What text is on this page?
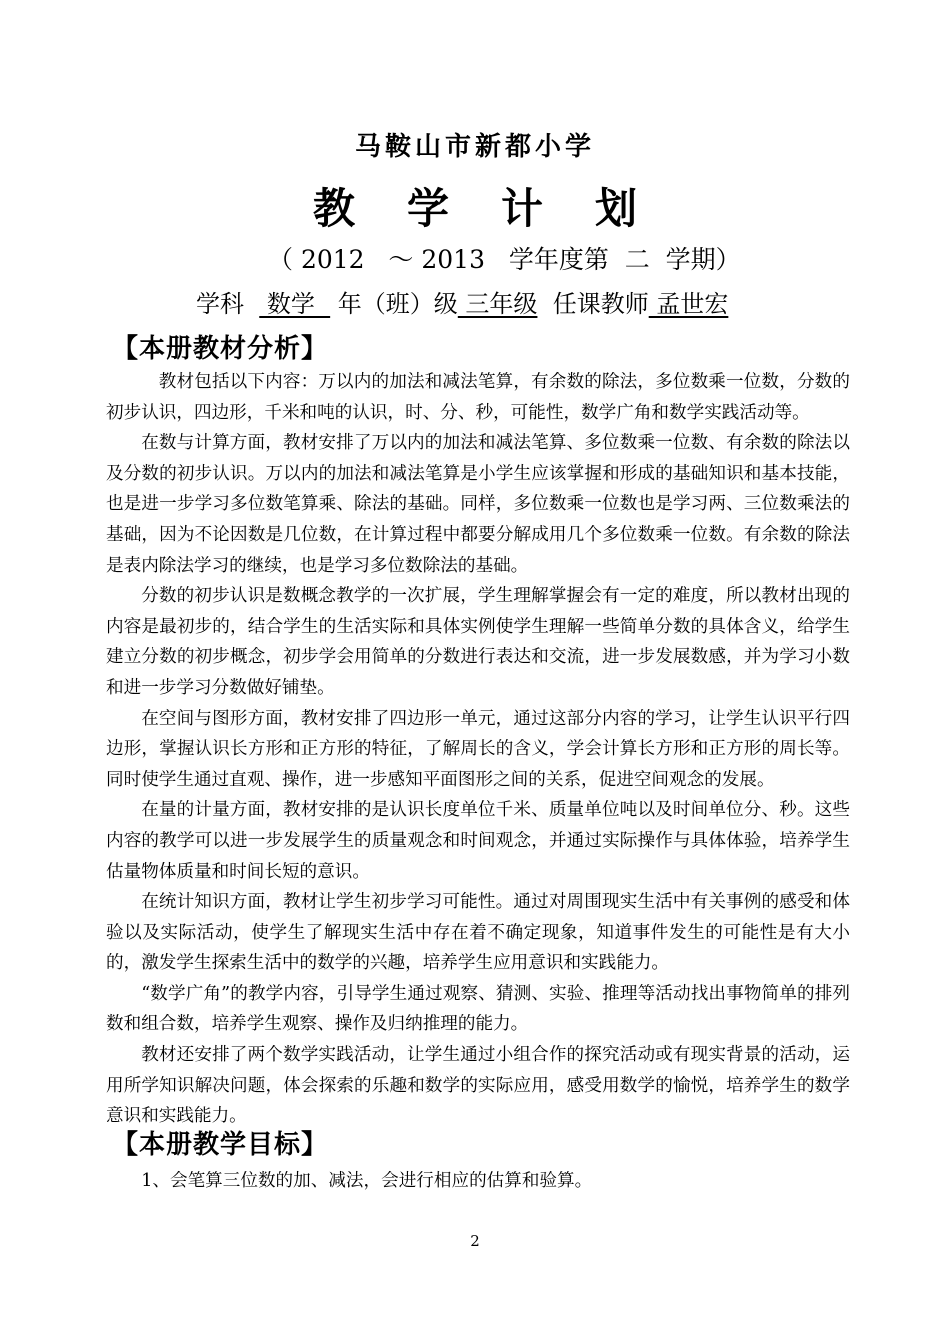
马鞍山市新都小学
教学计划
（ 2012   ～ 2013   学年度第  二  学期）
学科   数学   年（班）级 三年级 任课教师 孟世宏
【本册教材分析】

教材包括以下内容：万以内的加法和减法笔算，有余数的除法，多位数乘一位数，分数的初步认识，四边形，千米和吨的认识，时、分、秒，可能性，数学广角和数学实践活动等。

在数与计算方面，教材安排了万以内的加法和减法笔算、多位数乘一位数、有余数的除法以及分数的初步认识。万以内的加法和减法笔算是小学生应该掌握和形成的基础知识和基本技能，也是进一步学习多位数笔算乘、除法的基础。同样，多位数乘一位数也是学习两、三位数乘法的基础，因为不论因数是几位数，在计算过程中都要分解成用几个多位数乘一位数。有余数的除法是表内除法学习的继续，也是学习多位数除法的基础。

分数的初步认识是数概念教学的一次扩展，学生理解掌握会有一定的难度，所以教材出现的内容是最初步的，结合学生的生活实际和具体实例使学生理解一些简单分数的具体含义，给学生建立分数的初步概念，初步学会用简单的分数进行表达和交流，进一步发展数感，并为学习小数和进一步学习分数做好铺垫。

在空间与图形方面，教材安排了四边形一单元，通过这部分内容的学习，让学生认识平行四边形，掌握认识长方形和正方形的特征，了解周长的含义，学会计算长方形和正方形的周长等。同时使学生通过直观、操作，进一步感知平面图形之间的关系，促进空间观念的发展。

在量的计量方面，教材安排的是认识长度单位千米、质量单位吨以及时间单位分、秒。这些内容的教学可以进一步发展学生的质量观念和时间观念，并通过实际操作与具体体验，培养学生估量物体质量和时间长短的意识。

在统计知识方面，教材让学生初步学习可能性。通过对周围现实生活中有关事例的感受和体验以及实际活动，使学生了解现实生活中存在着不确定现象，知道事件发生的可能性是有大小的，激发学生探索生活中的数学的兴趣，培养学生应用意识和实践能力。

“数学广角”的教学内容，引导学生通过观察、猜测、实验、推理等活动找出事物简单的排列数和组合数，培养学生观察、操作及归纳推理的能力。

教材还安排了两个数学实践活动，让学生通过小组合作的探究活动或有现实背景的活动，运用所学知识解决问题，体会探索的乐趣和数学的实际应用，感受用数学的愉悦，培养学生的数学意识和实践能力。

【本册教学目标】

1、会笔算三位数的加、减法，会进行相应的估算和验算。

2
